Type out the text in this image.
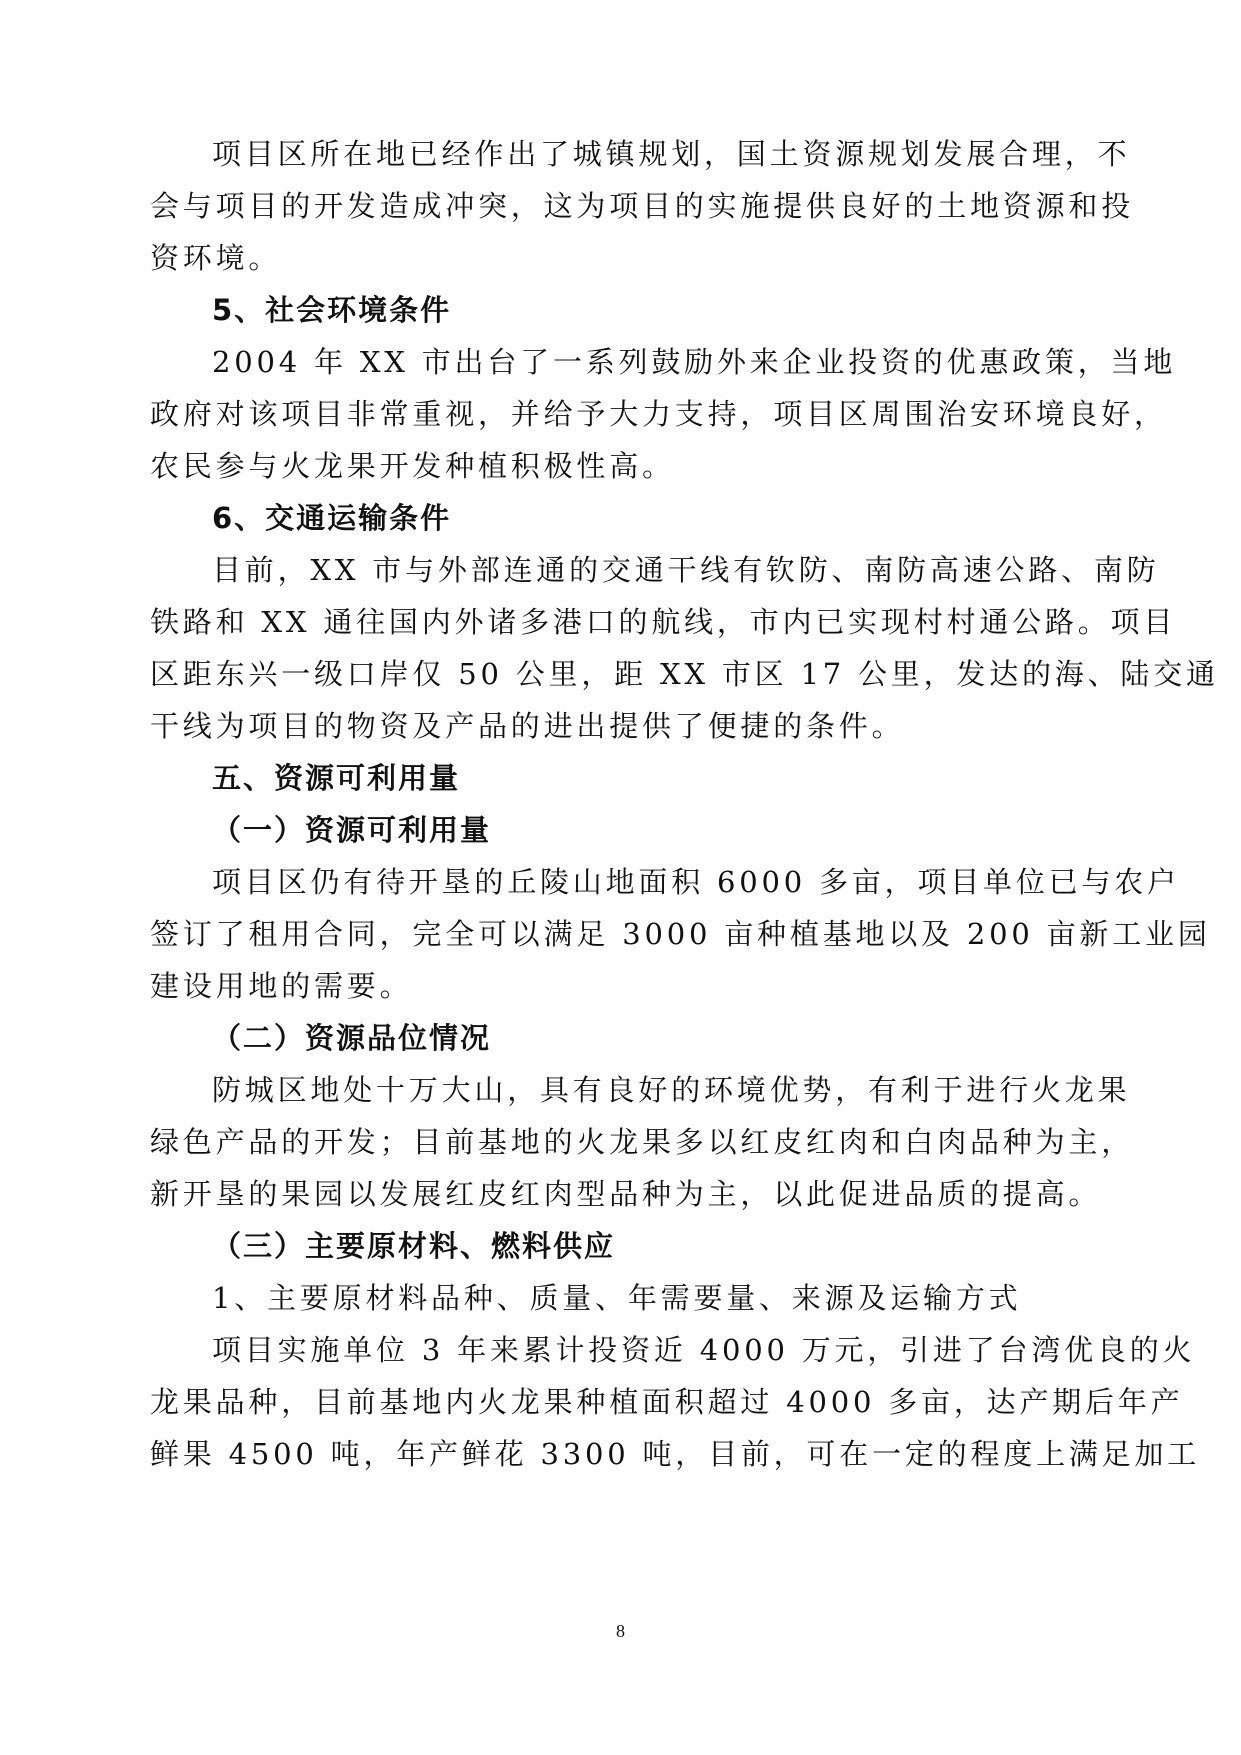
项目区所在地已经作出了城镇规划，国土资源规划发展合理，不
会与项目的开发造成冲突，这为项目的实施提供良好的土地资源和投
资环境。
5、社会环境条件
2004 年 XX 市出台了一系列鼓励外来企业投资的优惠政策，当地
政府对该项目非常重视，并给予大力支持，项目区周围治安环境良好，
农民参与火龙果开发种植积极性高。
6、交通运输条件
目前，XX 市与外部连通的交通干线有钦防、南防高速公路、南防
铁路和 XX 通往国内外诸多港口的航线，市内已实现村村通公路。项目
区距东兴一级口岸仅 50 公里，距 XX 市区 17 公里，发达的海、陆交通
干线为项目的物资及产品的进出提供了便捷的条件。
五、资源可利用量
（一）资源可利用量
项目区仍有待开垦的丘陵山地面积 6000 多亩，项目单位已与农户
签订了租用合同，完全可以满足 3000 亩种植基地以及 200 亩新工业园
建设用地的需要。
（二）资源品位情况
防城区地处十万大山，具有良好的环境优势，有利于进行火龙果
绿色产品的开发；目前基地的火龙果多以红皮红肉和白肉品种为主，
新开垦的果园以发展红皮红肉型品种为主，以此促进品质的提高。
（三）主要原材料、燃料供应
1、主要原材料品种、质量、年需要量、来源及运输方式
项目实施单位 3 年来累计投资近 4000 万元，引进了台湾优良的火
龙果品种，目前基地内火龙果种植面积超过 4000 多亩，达产期后年产
鲜果 4500 吨，年产鲜花 3300 吨，目前，可在一定的程度上满足加工
8
